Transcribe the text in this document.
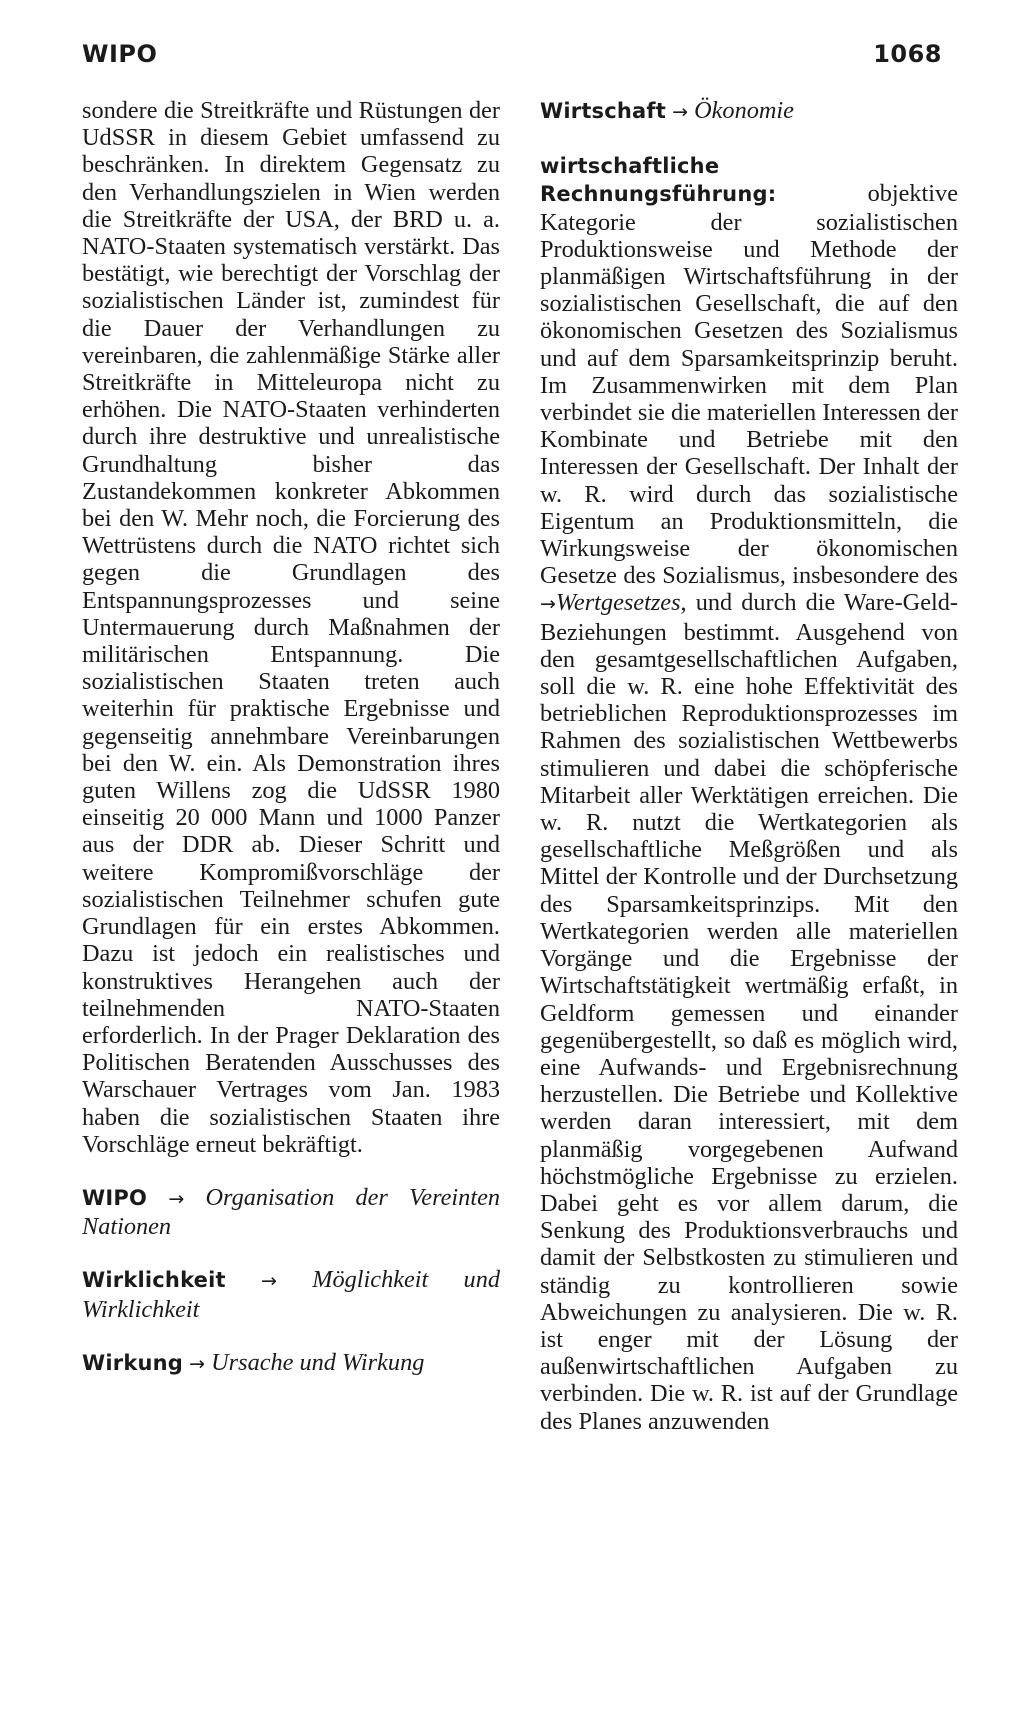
WIPO	1068

sondere die Streitkräfte und Rüstungen der UdSSR in diesem Gebiet umfassend zu beschränken. In direktem Gegensatz zu den Verhandlungszielen in Wien werden die Streitkräfte der USA, der BRD u. a. NATO-Staaten systematisch verstärkt. Das bestätigt, wie berechtigt der Vorschlag der sozialistischen Länder ist, zumindest für die Dauer der Verhandlungen zu vereinbaren, die zahlenmäßige Stärke aller Streitkräfte in Mitteleuropa nicht zu erhöhen. Die NATO-Staaten verhinderten durch ihre destruktive und unrealistische Grundhaltung bisher das Zustandekommen konkreter Abkommen bei den W. Mehr noch, die Forcierung des Wettrüstens durch die NATO richtet sich gegen die Grundlagen des Entspannungsprozesses und seine Untermauerung durch Maßnahmen der militärischen Entspannung. Die sozialistischen Staaten treten auch weiterhin für praktische Ergebnisse und gegenseitig annehmbare Vereinbarungen bei den W. ein. Als Demonstration ihres guten Willens zog die UdSSR 1980 einseitig 20 000 Mann und 1000 Panzer aus der DDR ab. Dieser Schritt und weitere Kompromißvorschläge der sozialistischen Teilnehmer schufen gute Grundlagen für ein erstes Abkommen. Dazu ist jedoch ein realistisches und konstruktives Herangehen auch der teilnehmenden NATO-Staaten erforderlich. In der Prager Deklaration des Politischen Beratenden Ausschusses des Warschauer Vertrages vom Jan. 1983 haben die sozialistischen Staaten ihre Vorschläge erneut bekräftigt.

WIPO → Organisation der Vereinten Nationen

Wirklichkeit → Möglichkeit und Wirklichkeit

Wirkung → Ursache und Wirkung

Wirtschaft → Ökonomie

wirtschaftliche Rechnungsführung:	objektive Kategorie der sozialistischen Produktionsweise und Methode der planmäßigen Wirtschaftsführung in der sozialistischen Gesellschaft, die auf den ökonomischen Gesetzen des Sozialismus und auf dem Sparsamkeitsprinzip beruht. Im Zusammenwirken mit dem Plan verbindet sie die materiellen Interessen der Kombinate und Betriebe mit den Interessen der Gesellschaft. Der Inhalt der w. R. wird durch das sozialistische Eigentum an Produktionsmitteln, die Wirkungsweise der ökonomischen Gesetze des Sozialismus, insbesondere des →Wertgesetzes, und durch die Ware-Geld-Beziehungen bestimmt. Ausgehend von den gesamtgesellschaftlichen Aufgaben, soll die w. R. eine hohe Effektivität des betrieblichen Reproduktionsprozesses im Rahmen des sozialistischen Wettbewerbs stimulieren und dabei die schöpferische Mitarbeit aller Werktätigen erreichen. Die w. R. nutzt die Wertkategorien als gesellschaftliche Meßgrößen und als Mittel der Kontrolle und der Durchsetzung des Sparsamkeitsprinzips. Mit den Wertkategorien werden alle materiellen Vorgänge und die Ergebnisse der Wirtschaftstätigkeit wertmäßig erfaßt, in Geldform gemessen und einander gegenübergestellt, so daß es möglich wird, eine Aufwands- und Ergebnisrechnung herzustellen. Die Betriebe und Kollektive werden daran interessiert, mit dem planmäßig vorgegebenen Aufwand höchstmögliche Ergebnisse zu erzielen. Dabei geht es vor allem darum, die Senkung des Produktionsverbrauchs und damit der Selbstkosten zu stimulieren und ständig zu kontrollieren sowie Abweichungen zu analysieren. Die w. R. ist enger mit der Lösung der außenwirtschaftlichen Aufgaben zu verbinden. Die w. R. ist auf der Grundlage des Planes anzuwenden
